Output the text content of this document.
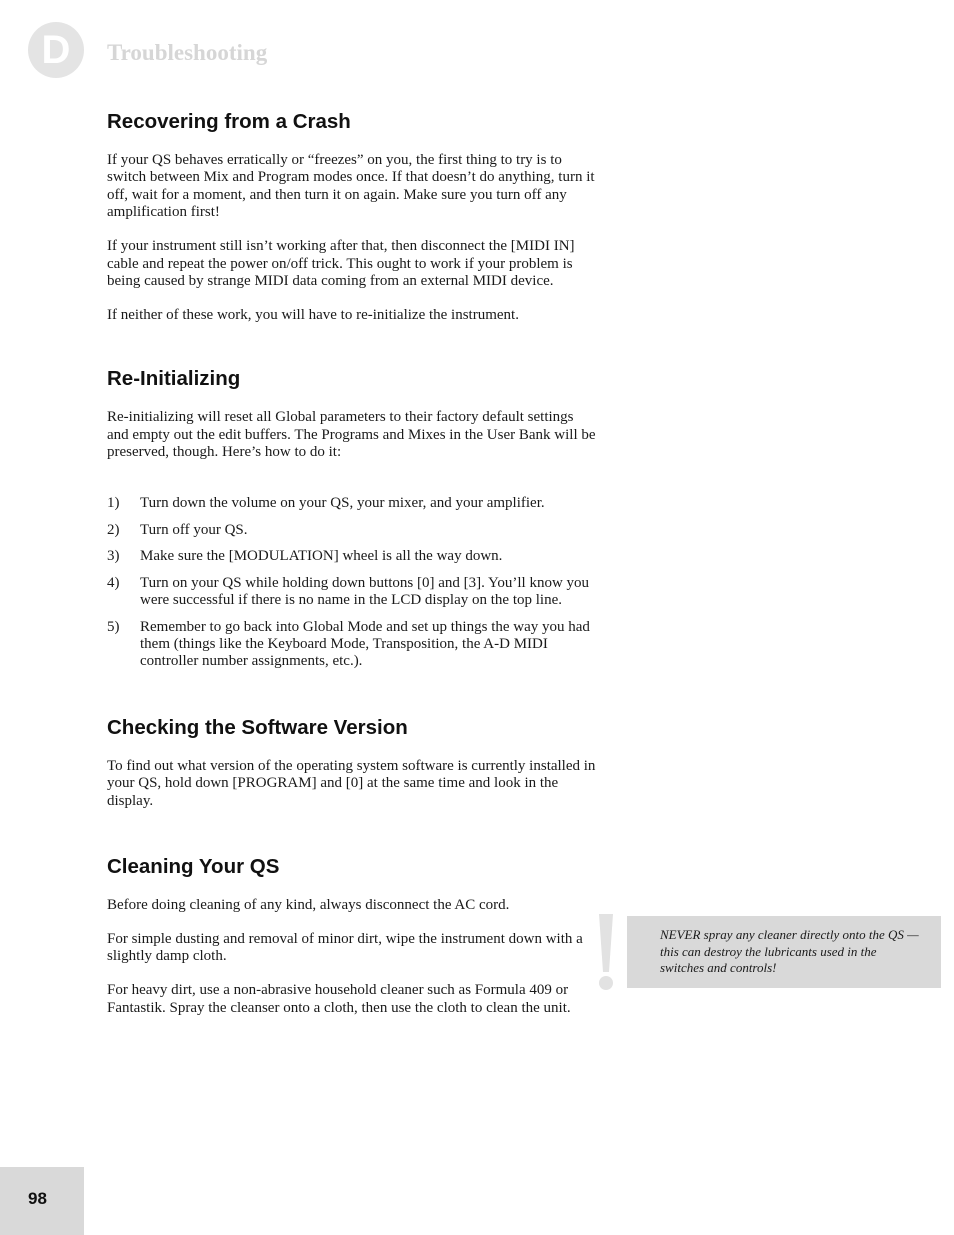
D Troubleshooting
Recovering from a Crash

If your QS behaves erratically or “freezes” on you, the first thing to try is to switch between Mix and Program modes once. If that doesn’t do anything, turn it off, wait for a moment, and then turn it on again. Make sure you turn off any amplification first!

If your instrument still isn’t working after that, then disconnect the [MIDI IN] cable and repeat the power on/off trick. This ought to work if your problem is being caused by strange MIDI data coming from an external MIDI device.

If neither of these work, you will have to re-initialize the instrument.

Re-Initializing

Re-initializing will reset all Global parameters to their factory default settings and empty out the edit buffers. The Programs and Mixes in the User Bank will be preserved, though. Here’s how to do it:

1)	Turn down the volume on your QS, your mixer, and your amplifier.
2)	Turn off your QS.
3)	Make sure the [MODULATION] wheel is all the way down.
4)	Turn on your QS while holding down buttons [0] and [3]. You’ll know you were successful if there is no name in the LCD display on the top line.
5)	Remember to go back into Global Mode and set up things the way you had them (things like the Keyboard Mode, Transposition, the A-D MIDI controller number assignments, etc.).
Checking the Software Version

To find out what version of the operating system software is currently installed in your QS, hold down [PROGRAM] and [0] at the same time and look in the display.

Cleaning Your QS

Before doing cleaning of any kind, always disconnect the AC cord.

For simple dusting and removal of minor dirt, wipe the instrument down with a slightly damp cloth.

For heavy dirt, use a non-abrasive household cleaner such as Formula 409 or Fantastik. Spray the cleanser onto a cloth, then use the cloth to clean the unit.

NEVER spray any cleaner directly onto the QS — this can destroy the lubricants used in the switches and controls!

98
